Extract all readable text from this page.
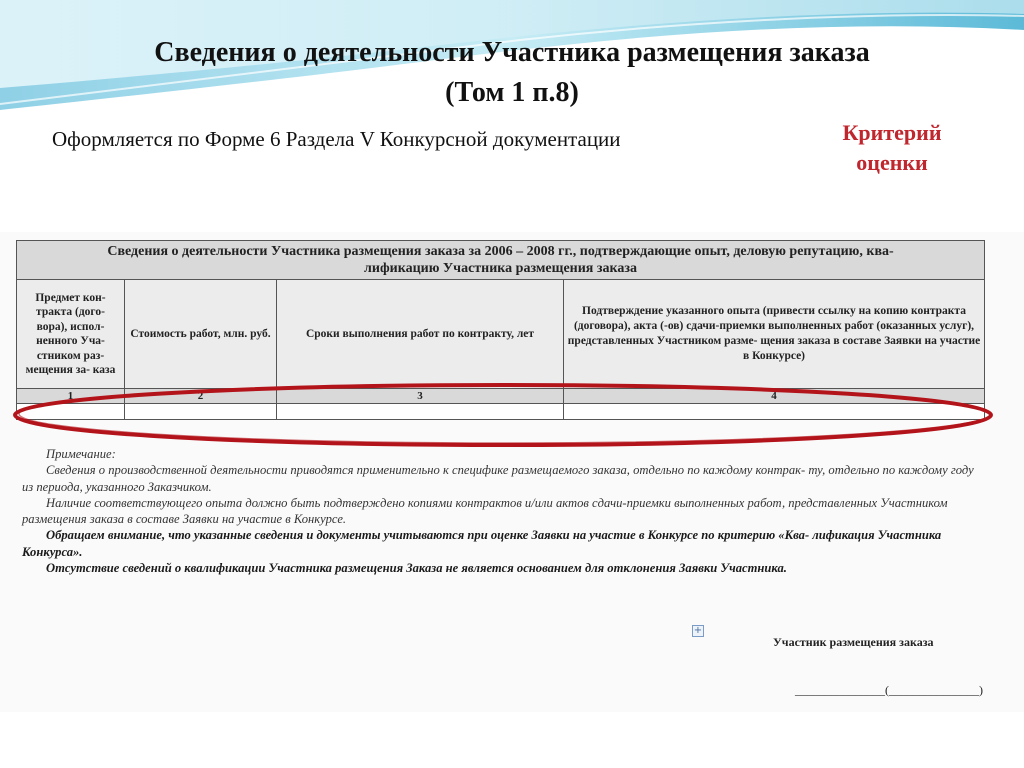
Сведения о деятельности Участника размещения заказа
(Том 1 п.8)

Оформляется по Форме 6 Раздела V Конкурсной документации	Критерий
оценки
Сведения о деятельности Участника размещения заказа за 2006 – 2008 гг., подтверждающие опыт, деловую репутацию, ква-
лификацию Участника размещения заказа			
Предмет кон- тракта (дого- вора), испол- ненного Уча- стником раз- мещения за- каза	Стоимость работ, млн. руб.	Сроки выполнения работ по контракту, лет	Подтверждение указанного опыта (привести ссылку на копию контракта (договора), акта (-ов) сдачи-приемки выполненных работ (оказанных услуг), представленных Участником разме- щения заказа в составе Заявки на участие в Конкурсе)
1	2	3	4

Примечание:

Сведения о производственной деятельности приводятся применительно к специфике размещаемого заказа, отдельно по каждому контрак- ту, отдельно по каждому году из периода, указанного Заказчиком.

Наличие соответствующего опыта должно быть подтверждено копиями контрактов и/или актов сдачи-приемки выполненных работ, представленных Участником размещения заказа в составе Заявки на участие в Конкурсе.

Обращаем внимание, что указанные сведения и документы учитываются при оценке Заявки на участие в Конкурсе по критерию «Ква- лификация Участника Конкурса».

Отсутствие сведений о квалификации Участника размещения Заказа не является основанием для отклонения Заявки Участника.

+
Участник размещения заказа
_______________(_______________)
